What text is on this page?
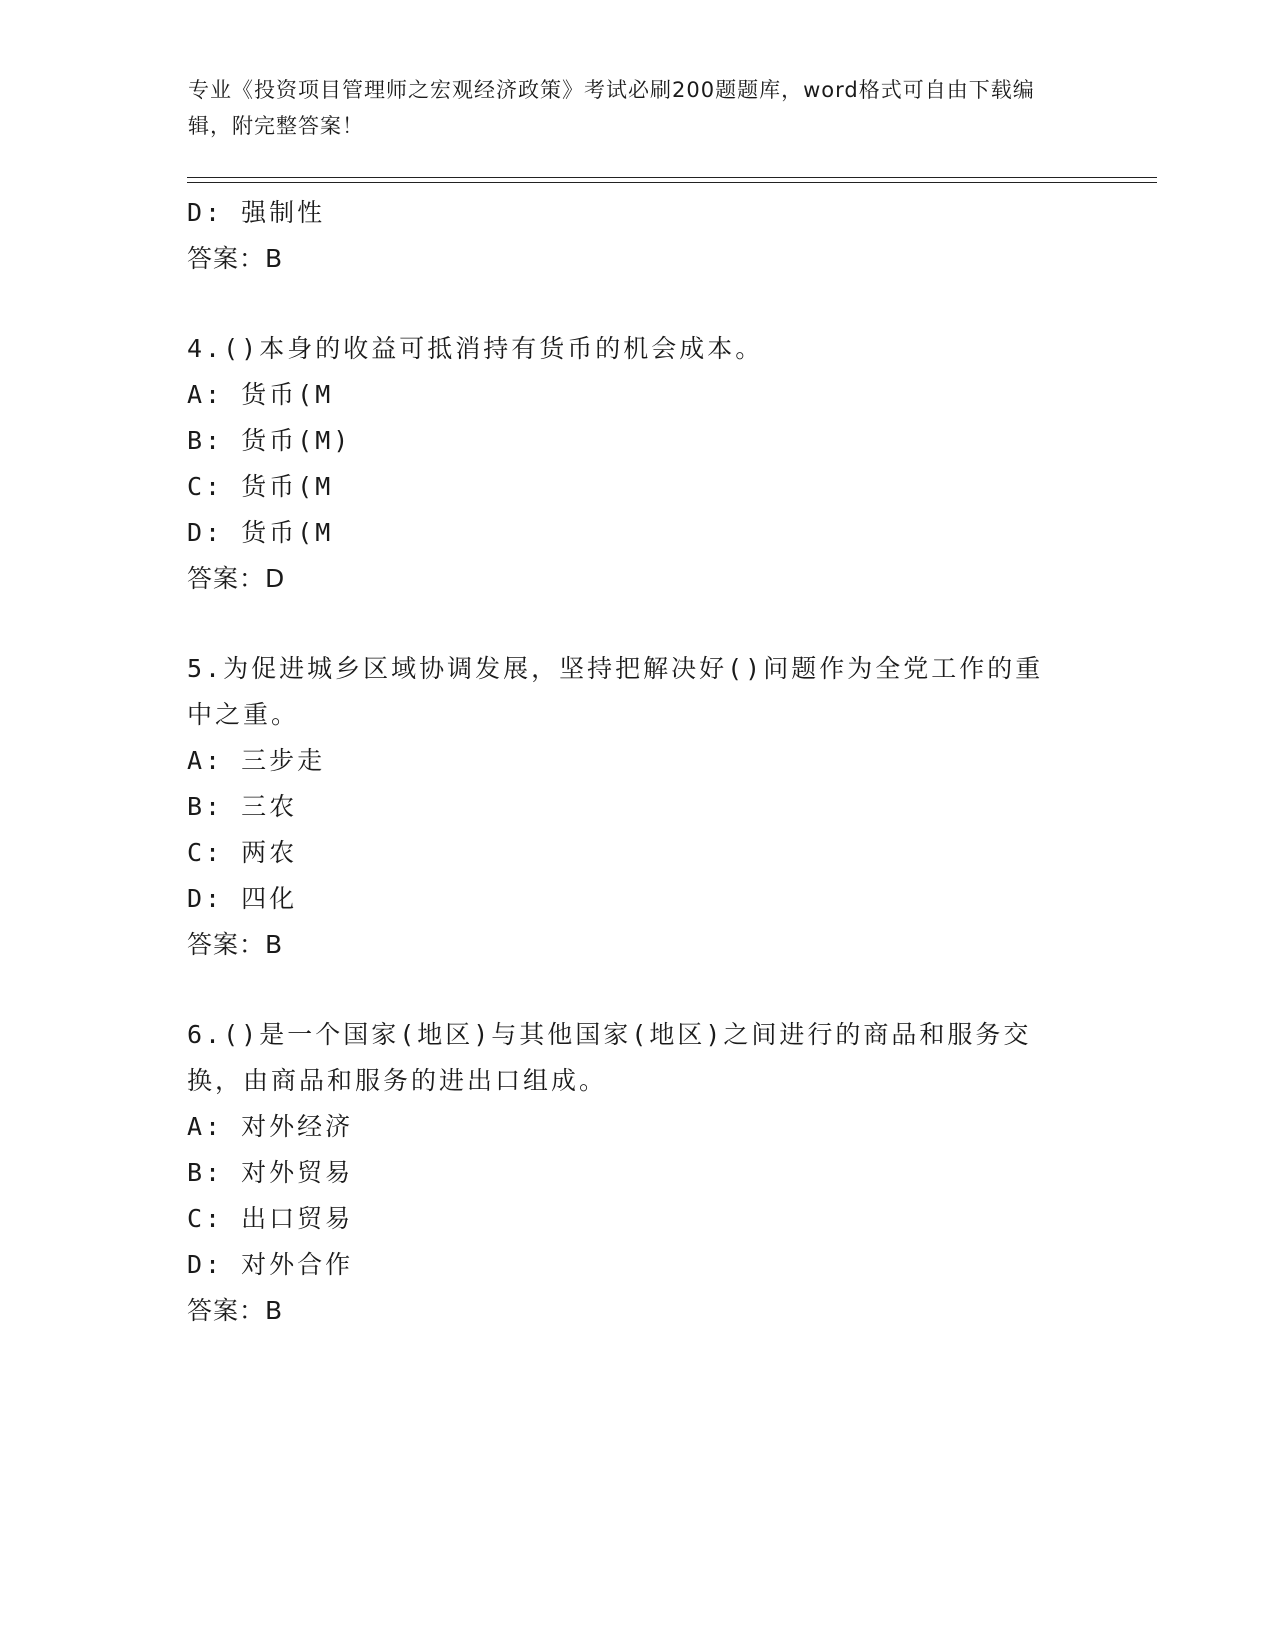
专业《投资项目管理师之宏观经济政策》考试必刷200题题库，word格式可自由下载编辑，附完整答案！
D: 强制性
答案：B
4.()本身的收益可抵消持有货币的机会成本。
A: 货币(M
B: 货币(M)
C: 货币(M
D: 货币(M
答案：D
5.为促进城乡区域协调发展，坚持把解决好()问题作为全党工作的重中之重。
A: 三步走
B: 三农
C: 两农
D: 四化
答案：B
6.()是一个国家(地区)与其他国家(地区)之间进行的商品和服务交换，由商品和服务的进出口组成。
A: 对外经济
B: 对外贸易
C: 出口贸易
D: 对外合作
答案：B
